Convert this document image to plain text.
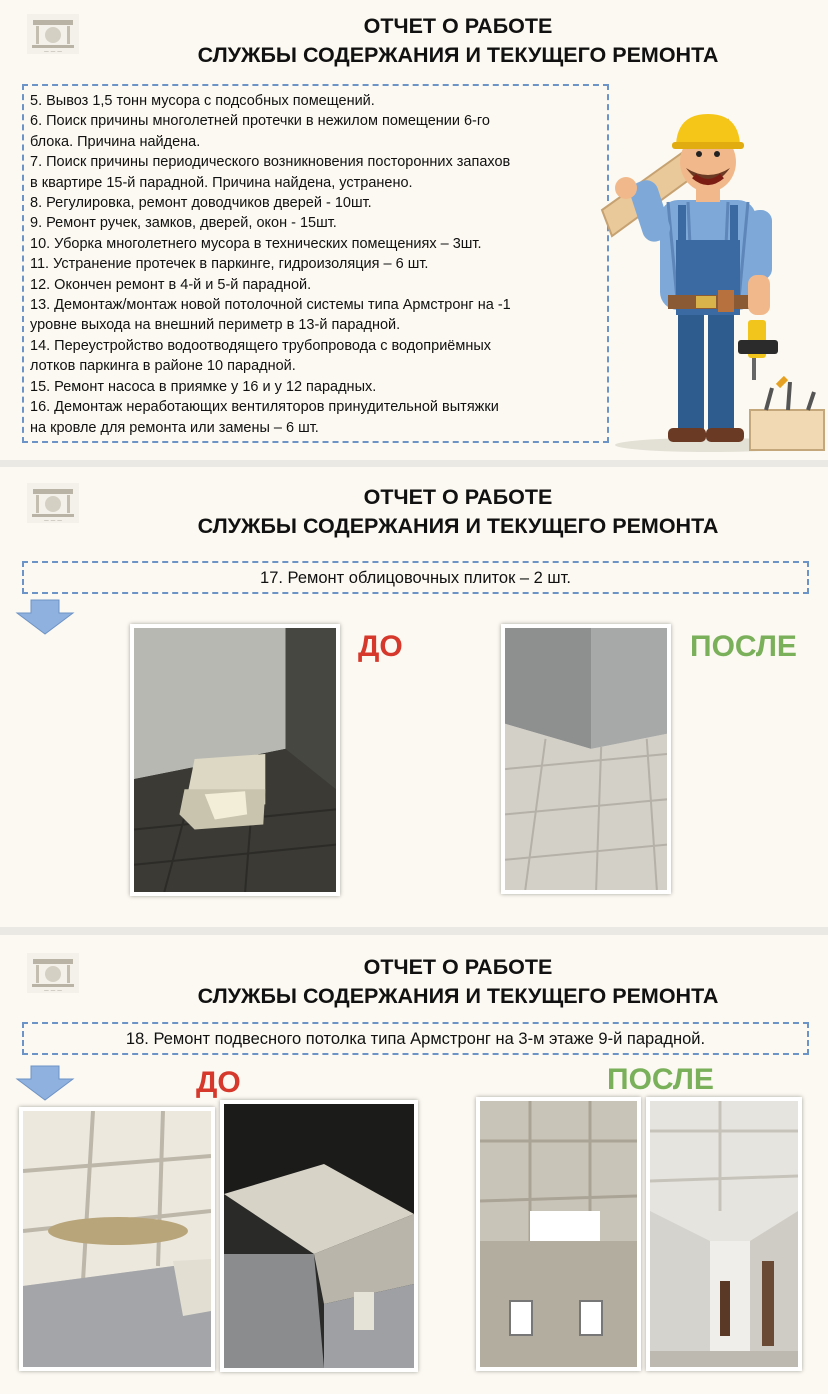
ОТЧЕТ О РАБОТЕ
СЛУЖБЫ СОДЕРЖАНИЯ И ТЕКУЩЕГО РЕМОНТА
5. Вывоз 1,5 тонн мусора с подсобных помещений.
6. Поиск причины многолетней протечки в нежилом помещении 6-го
блока. Причина найдена.
7. Поиск причины периодического возникновения посторонних запахов
в квартире 15-й парадной. Причина найдена, устранено.
8. Регулировка, ремонт доводчиков дверей - 10шт.
9. Ремонт ручек, замков, дверей, окон - 15шт.
10. Уборка многолетнего мусора в технических помещениях – 3шт.
11. Устранение протечек в паркинге, гидроизоляция – 6 шт.
12. Окончен ремонт в 4-й и 5-й парадной.
13. Демонтаж/монтаж новой потолочной системы типа Армстронг на -1
уровне выхода на внешний периметр в 13-й парадной.
14. Переустройство водоотводящего трубопровода с водоприёмных
лотков паркинга в районе 10 парадной.
15. Ремонт насоса в приямке у 16 и у 12 парадных.
16. Демонтаж неработающих вентиляторов принудительной вытяжки
на кровле для ремонта или замены – 6 шт.
ОТЧЕТ О РАБОТЕ
СЛУЖБЫ СОДЕРЖАНИЯ И ТЕКУЩЕГО РЕМОНТА
17. Ремонт облицовочных плиток – 2 шт.
ДО	ПОСЛЕ
ОТЧЕТ О РАБОТЕ
СЛУЖБЫ СОДЕРЖАНИЯ И ТЕКУЩЕГО РЕМОНТА
18. Ремонт подвесного потолка типа Армстронг на 3-м этаже 9-й парадной.
ДО	ПОСЛЕ
